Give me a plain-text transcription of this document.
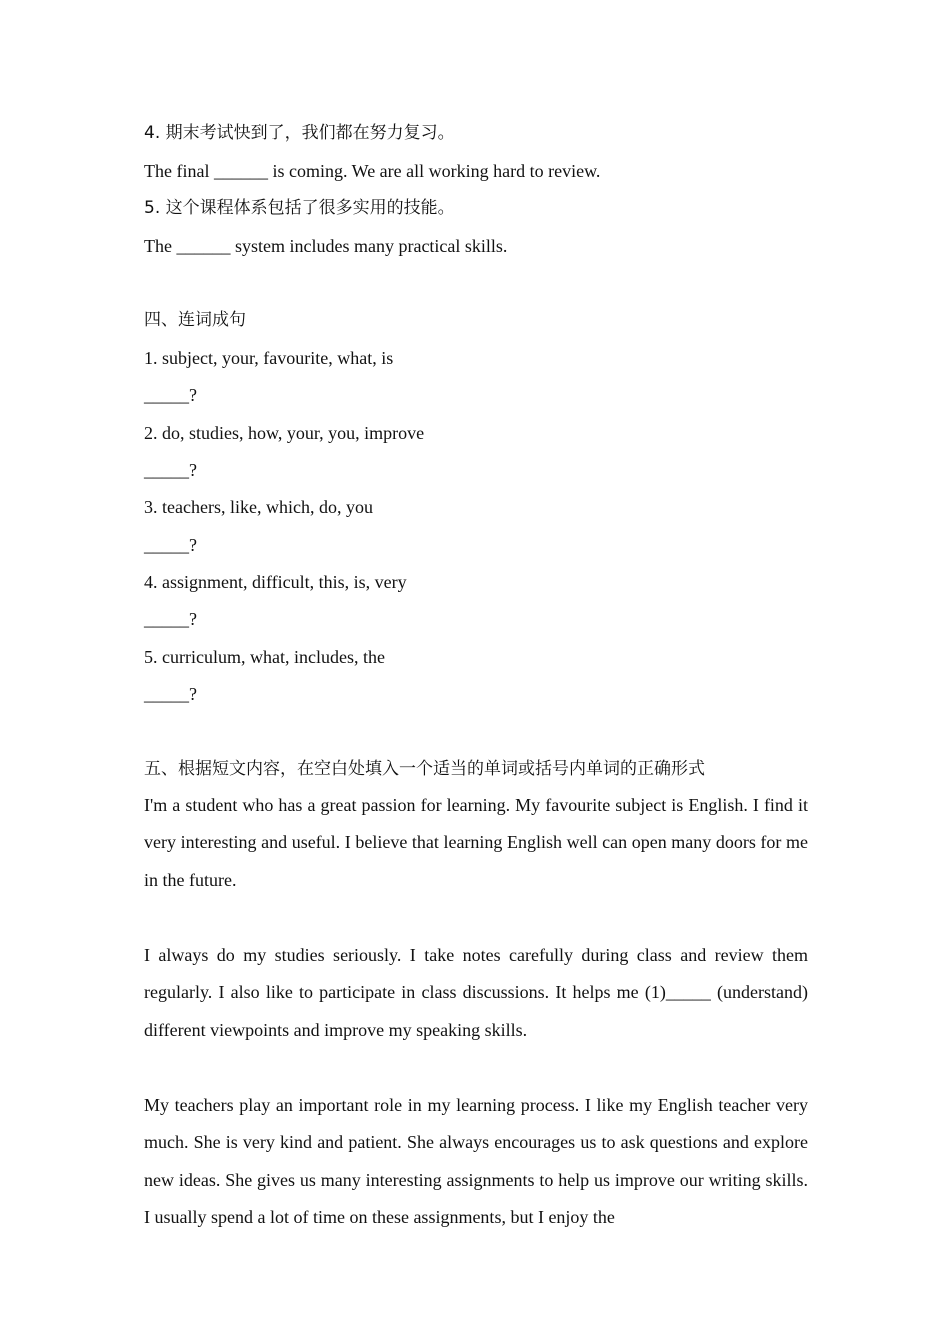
4. 期末考试快到了，我们都在努力复习。
The final ______ is coming. We are all working hard to review.
5. 这个课程体系包括了很多实用的技能。
The ______ system includes many practical skills.
四、连词成句
1. subject, your, favourite, what, is
_____?
2. do, studies, how, your, you, improve
_____?
3. teachers, like, which, do, you
_____?
4. assignment, difficult, this, is, very
_____?
5. curriculum, what, includes, the
_____?
五、根据短文内容，在空白处填入一个适当的单词或括号内单词的正确形式
I'm a student who has a great passion for learning. My favourite subject is English. I find it very interesting and useful. I believe that learning English well can open many doors for me in the future.
I always do my studies seriously. I take notes carefully during class and review them regularly. I also like to participate in class discussions. It helps me (1)_____ (understand) different viewpoints and improve my speaking skills.
My teachers play an important role in my learning process. I like my English teacher very much. She is very kind and patient. She always encourages us to ask questions and explore new ideas. She gives us many interesting assignments to help us improve our writing skills. I usually spend a lot of time on these assignments, but I enjoy the
